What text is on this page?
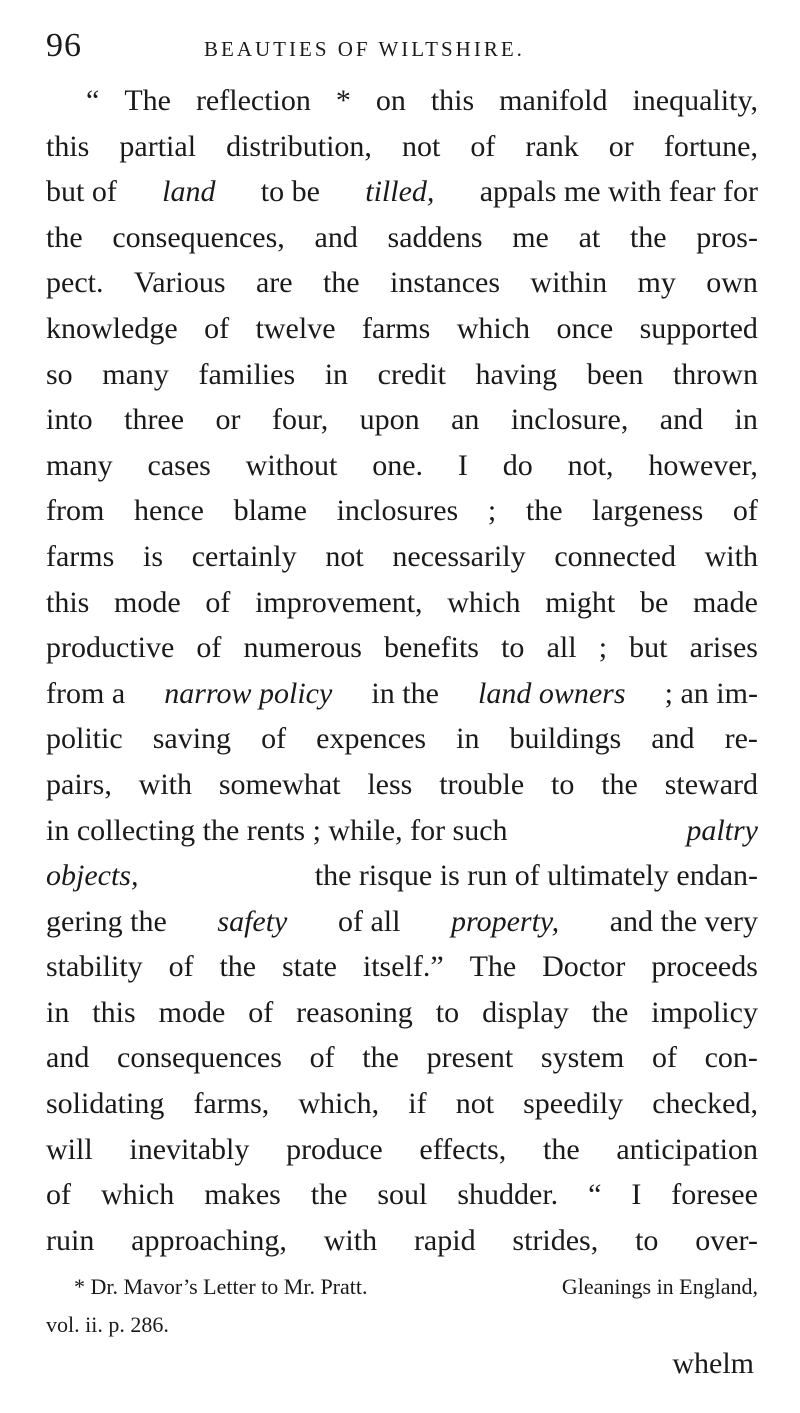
96	BEAUTIES OF WILTSHIRE.
“ The reflection * on this manifold inequality,
this partial distribution, not of rank or fortune,
but of land to be tilled, appals me with fear for
the consequences, and saddens me at the pros-
pect. Various are the instances within my own
knowledge of twelve farms which once supported
so many families in credit having been thrown
into three or four, upon an inclosure, and in
many cases without one. I do not, however,
from hence blame inclosures ; the largeness of
farms is certainly not necessarily connected with
this mode of improvement, which might be made
productive of numerous benefits to all ; but arises
from a narrow policy in the land owners ; an im-
politic saving of expences in buildings and re-
pairs, with somewhat less trouble to the steward
in collecting the rents ; while, for such	paltry
objects,	the risque is run of ultimately endan-
gering the safety of all property, and the very
stability of the state itself.” The Doctor proceeds
in this mode of reasoning to display the impolicy
and consequences of the present system of con-
solidating farms, which, if not speedily checked,
will inevitably produce effects, the anticipation
of which makes the soul shudder. “ I foresee
ruin approaching, with rapid strides, to over-
* Dr. Mavor’s Letter to Mr. Pratt.	Gleanings in England,
vol. ii. p. 286.
whelm
